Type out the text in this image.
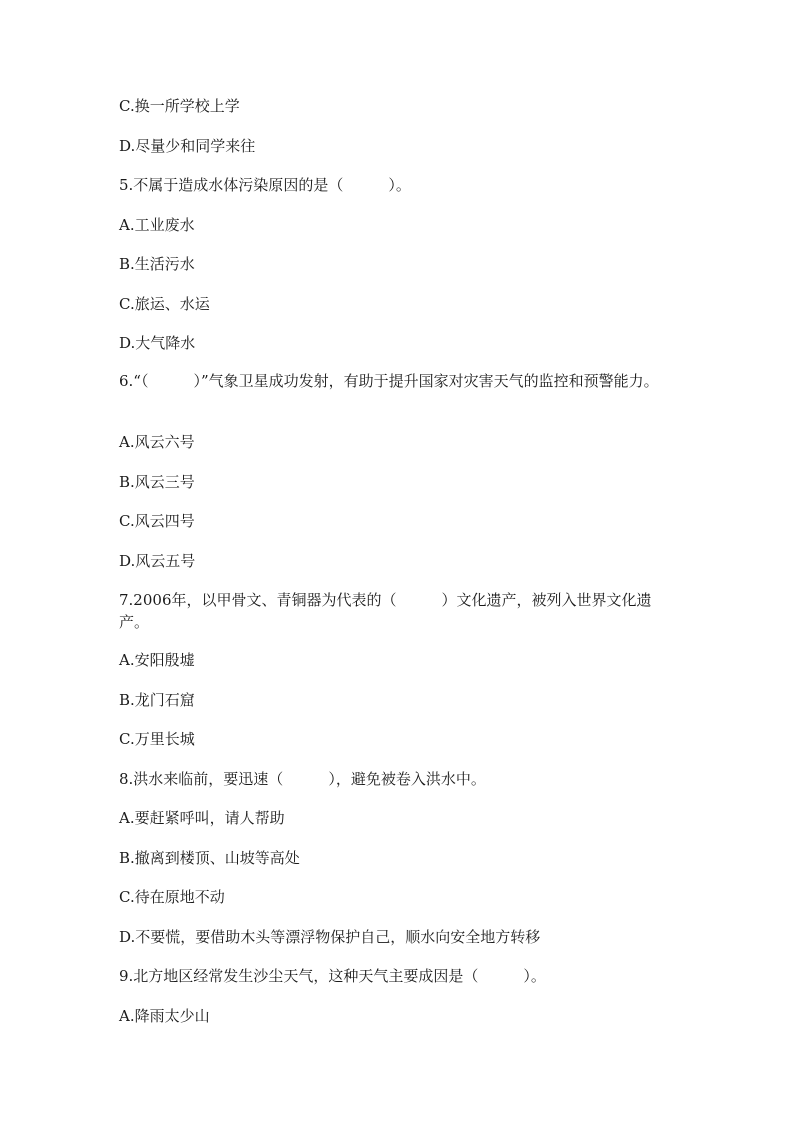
C.换一所学校上学
D.尽量少和同学来往
5.不属于造成水体污染原因的是（　　　）。
A.工业废水
B.生活污水
C.旅运、水运
D.大气降水
6.“（　　　）”气象卫星成功发射，有助于提升国家对灾害天气的监控和预警能力。
A.风云六号
B.风云三号
C.风云四号
D.风云五号
7.2006年，以甲骨文、青铜器为代表的（　　　）文化遗产，被列入世界文化遗产。
A.安阳殷墟
B.龙门石窟
C.万里长城
8.洪水来临前，要迅速（　　　），避免被卷入洪水中。
A.要赶紧呼叫，请人帮助
B.撤离到楼顶、山坡等高处
C.待在原地不动
D.不要慌，要借助木头等漂浮物保护自己，顺水向安全地方转移
9.北方地区经常发生沙尘天气，这种天气主要成因是（　　　）。
A.降雨太少山
